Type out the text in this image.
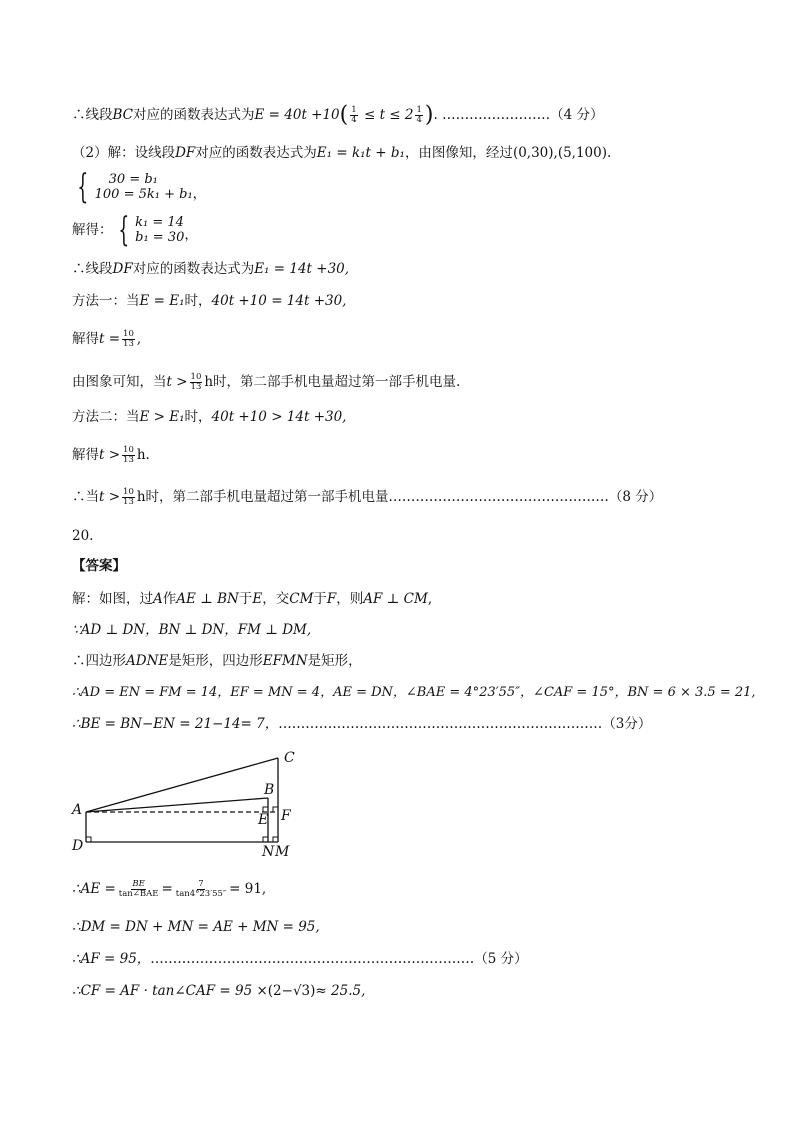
∴线段BC对应的函数表达式为$E = 40t +10( \frac{1}{4} \le t \le 2 \frac{1}{4}$ ). ……………………（4 分）
（2）解：设线段DF对应的函数表达式为E₁ = k₁t + b₁，由图像知，经过(0,30),(5,100).
{	30 = b₁
100 = 5k₁ + b₁ ，
解得： { k₁ = 14
b₁ = 30 ，
∴线段DF对应的函数表达式为E₁ = 14t +30,
方法一：当E = E₁时，40t +10 = 14t +30,
解得$t = \frac{10}{13}$ ,
由图象可知，当$t > \frac{10}{13}$ h时，第二部手机电量超过第一部手机电量.
方法二：当E > E₁时，40t +10 > 14t +30,
解得$t > \frac{10}{13} h$.
∴当$t > \frac{10}{13}$ h时，第二部手机电量超过第一部手机电量.…………………………………………（8 分）
20.
【答案】
解：如图，过A作AE ⊥ BN于E，交CM于F，则AF ⊥ CM,
∵AD ⊥ DN，BN ⊥ DN，FM ⊥ DM,
∴四边形ADNE是矩形，四边形EFMN是矩形，
∴AD = EN = FM = 14，EF = MN = 4，AE = DN，∠BAE = 4°23′55″，∠CAF = 15°，BN = 6 × 3.5 = 21,
∴BE = BN−EN = 21−14= 7，………………………………………………………………（3分）
A
B
C
D
E F
N M
∴AE = $\frac{BE}{\text{tan∠BAE}} = \frac{7}{\tan 4^\circ 23'55''} = 91$,
∴DM = DN + MN = AE + MN = 95,
∴AF = 95，………………………………………………………………（5 分）
∴CF = AF · tan∠CAF = 95 ×(2−√3)≈ 25.5,
